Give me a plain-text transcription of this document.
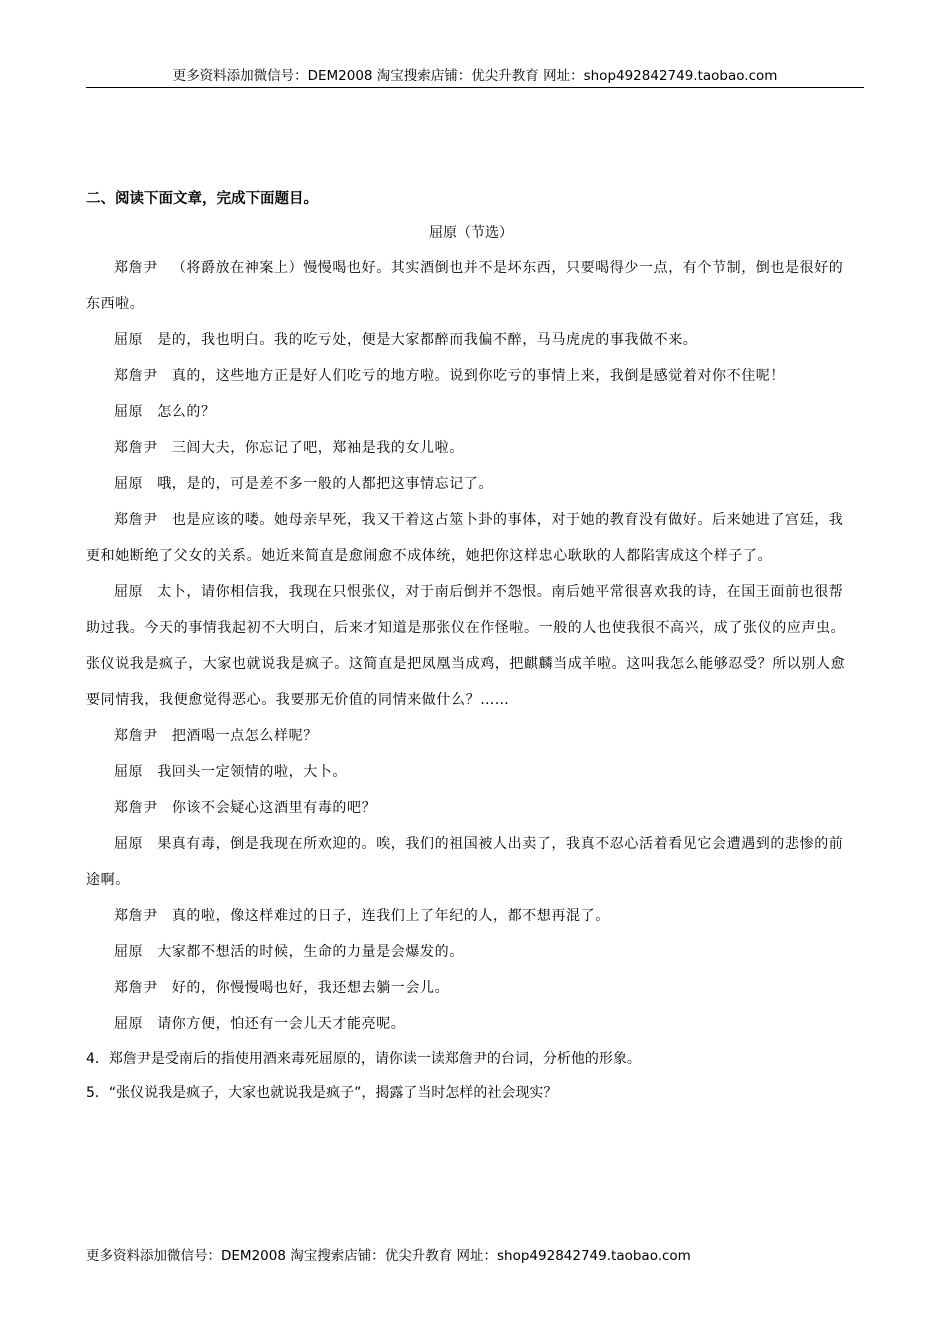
更多资料添加微信号：DEM2008 淘宝搜索店铺：优尖升教育 网址：shop492842749.taobao.com

二、阅读下面文章，完成下面题目。

屈原（节选）

郑詹尹 （将爵放在神案上）慢慢喝也好。其实酒倒也并不是坏东西，只要喝得少一点，有个节制，倒也是很好的东西啦。

屈原 是的，我也明白。我的吃亏处，便是大家都醉而我偏不醉，马马虎虎的事我做不来。

郑詹尹 真的，这些地方正是好人们吃亏的地方啦。说到你吃亏的事情上来，我倒是感觉着对你不住呢！

屈原 怎么的？

郑詹尹 三闾大夫，你忘记了吧，郑袖是我的女儿啦。

屈原 哦，是的，可是差不多一般的人都把这事情忘记了。

郑詹尹 也是应该的喽。她母亲早死，我又干着这占筮卜卦的事体，对于她的教育没有做好。后来她进了宫廷，我更和她断绝了父女的关系。她近来简直是愈闹愈不成体统，她把你这样忠心耿耿的人都陷害成这个样子了。

屈原 太卜，请你相信我，我现在只恨张仪，对于南后倒并不怨恨。南后她平常很喜欢我的诗，在国王面前也很帮助过我。今天的事情我起初不大明白，后来才知道是那张仪在作怪啦。一般的人也使我很不高兴，成了张仪的应声虫。张仪说我是疯子，大家也就说我是疯子。这简直是把凤凰当成鸡，把麒麟当成羊啦。这叫我怎么能够忍受？所以别人愈要同情我，我便愈觉得恶心。我要那无价值的同情来做什么？……

郑詹尹 把酒喝一点怎么样呢？

屈原 我回头一定领情的啦，大卜。

郑詹尹 你该不会疑心这酒里有毒的吧？

屈原 果真有毒，倒是我现在所欢迎的。唉，我们的祖国被人出卖了，我真不忍心活着看见它会遭遇到的悲惨的前途啊。

郑詹尹 真的啦，像这样难过的日子，连我们上了年纪的人，都不想再混了。

屈原 大家都不想活的时候，生命的力量是会爆发的。

郑詹尹 好的，你慢慢喝也好，我还想去躺一会儿。

屈原 请你方便，怕还有一会儿天才能亮呢。

4．郑詹尹是受南后的指使用酒来毒死屈原的，请你读一读郑詹尹的台词，分析他的形象。

5．“张仪说我是疯子，大家也就说我是疯子”，揭露了当时怎样的社会现实？

更多资料添加微信号：DEM2008 淘宝搜索店铺：优尖升教育 网址：shop492842749.taobao.com
